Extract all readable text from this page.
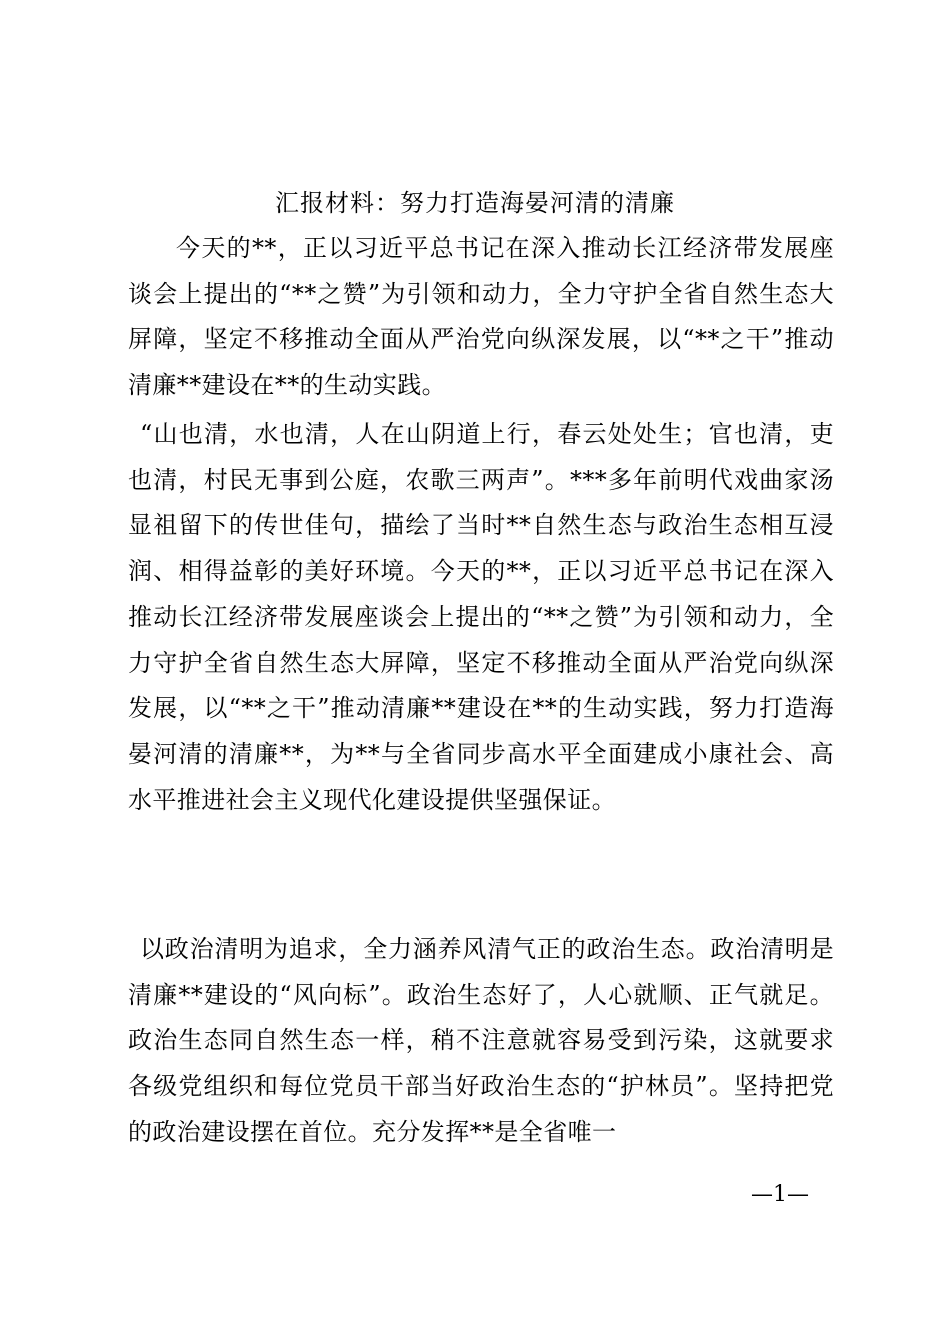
汇报材料：努力打造海晏河清的清廉

今天的**，正以习近平总书记在深入推动长江经济带发展座谈会上提出的“**之赞”为引领和动力，全力守护全省自然生态大屏障，坚定不移推动全面从严治党向纵深发展，以“**之干”推动清廉**建设在**的生动实践。

“山也清，水也清，人在山阴道上行，春云处处生；官也清，吏也清，村民无事到公庭，农歌三两声”。***多年前明代戏曲家汤显祖留下的传世佳句，描绘了当时**自然生态与政治生态相互浸润、相得益彰的美好环境。今天的**，正以习近平总书记在深入推动长江经济带发展座谈会上提出的“**之赞”为引领和动力，全力守护全省自然生态大屏障，坚定不移推动全面从严治党向纵深发展，以“**之干”推动清廉**建设在**的生动实践，努力打造海晏河清的清廉**，为**与全省同步高水平全面建成小康社会、高水平推进社会主义现代化建设提供坚强保证。

以政治清明为追求，全力涵养风清气正的政治生态。政治清明是清廉**建设的“风向标”。政治生态好了，人心就顺、正气就足。政治生态同自然生态一样，稍不注意就容易受到污染，这就要求各级党组织和每位党员干部当好政治生态的“护林员”。坚持把党的政治建设摆在首位。充分发挥**是全省唯一

—1—
